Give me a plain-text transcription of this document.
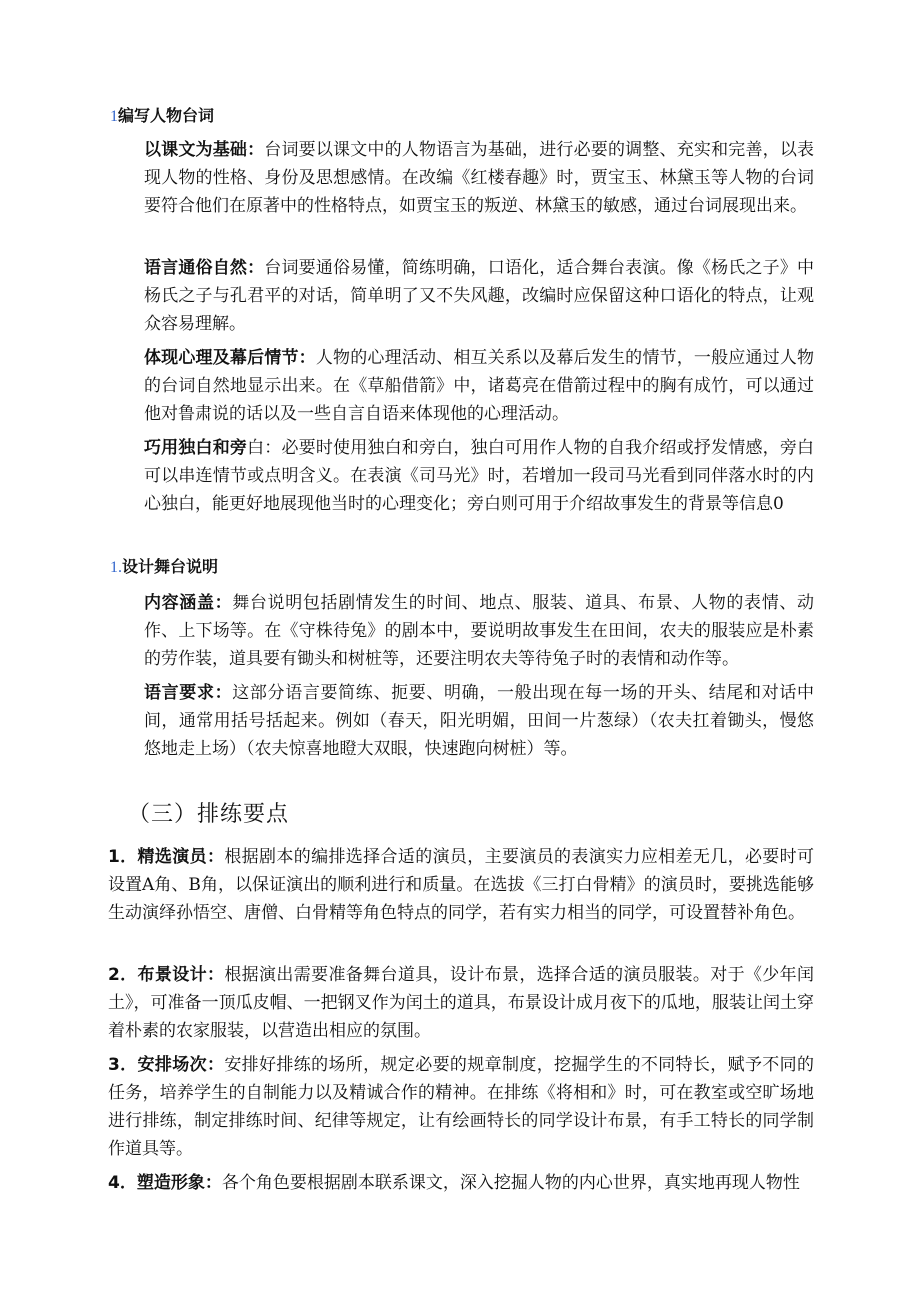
1编写人物台词

以课文为基础：台词要以课文中的人物语言为基础，进行必要的调整、充实和完善，以表现人物的性格、身份及思想感情。在改编《红楼春趣》时，贾宝玉、林黛玉等人物的台词要符合他们在原著中的性格特点，如贾宝玉的叛逆、林黛玉的敏感，通过台词展现出来。

语言通俗自然：台词要通俗易懂，简练明确，口语化，适合舞台表演。像《杨氏之子》中杨氏之子与孔君平的对话，简单明了又不失风趣，改编时应保留这种口语化的特点，让观众容易理解。

体现心理及幕后情节：人物的心理活动、相互关系以及幕后发生的情节，一般应通过人物的台词自然地显示出来。在《草船借箭》中，诸葛亮在借箭过程中的胸有成竹，可以通过他对鲁肃说的话以及一些自言自语来体现他的心理活动。

巧用独白和旁白：必要时使用独白和旁白，独白可用作人物的自我介绍或抒发情感，旁白可以串连情节或点明含义。在表演《司马光》时，若增加一段司马光看到同伴落水时的内心独白，能更好地展现他当时的心理变化；旁白则可用于介绍故事发生的背景等信息0

1.设计舞台说明

内容涵盖：舞台说明包括剧情发生的时间、地点、服装、道具、布景、人物的表情、动作、上下场等。在《守株待兔》的剧本中，要说明故事发生在田间，农夫的服装应是朴素的劳作装，道具要有锄头和树桩等，还要注明农夫等待兔子时的表情和动作等。

语言要求：这部分语言要简练、扼要、明确，一般出现在每一场的开头、结尾和对话中间，通常用括号括起来。例如（春天，阳光明媚，田间一片葱绿）（农夫扛着锄头，慢悠悠地走上场）（农夫惊喜地瞪大双眼，快速跑向树桩）等。

（三）排练要点

1．精选演员：根据剧本的编排选择合适的演员，主要演员的表演实力应相差无几，必要时可设置A角、B角，以保证演出的顺利进行和质量。在选拔《三打白骨精》的演员时，要挑选能够生动演绎孙悟空、唐僧、白骨精等角色特点的同学，若有实力相当的同学，可设置替补角色。

2．布景设计：根据演出需要准备舞台道具，设计布景，选择合适的演员服装。对于《少年闰土》，可准备一顶瓜皮帽、一把钢叉作为闰土的道具，布景设计成月夜下的瓜地，服装让闰土穿着朴素的农家服装，以营造出相应的氛围。

3．安排场次：安排好排练的场所，规定必要的规章制度，挖掘学生的不同特长，赋予不同的任务，培养学生的自制能力以及精诚合作的精神。在排练《将相和》时，可在教室或空旷场地进行排练，制定排练时间、纪律等规定，让有绘画特长的同学设计布景，有手工特长的同学制作道具等。

4．塑造形象：各个角色要根据剧本联系课文，深入挖掘人物的内心世界，真实地再现人物性
